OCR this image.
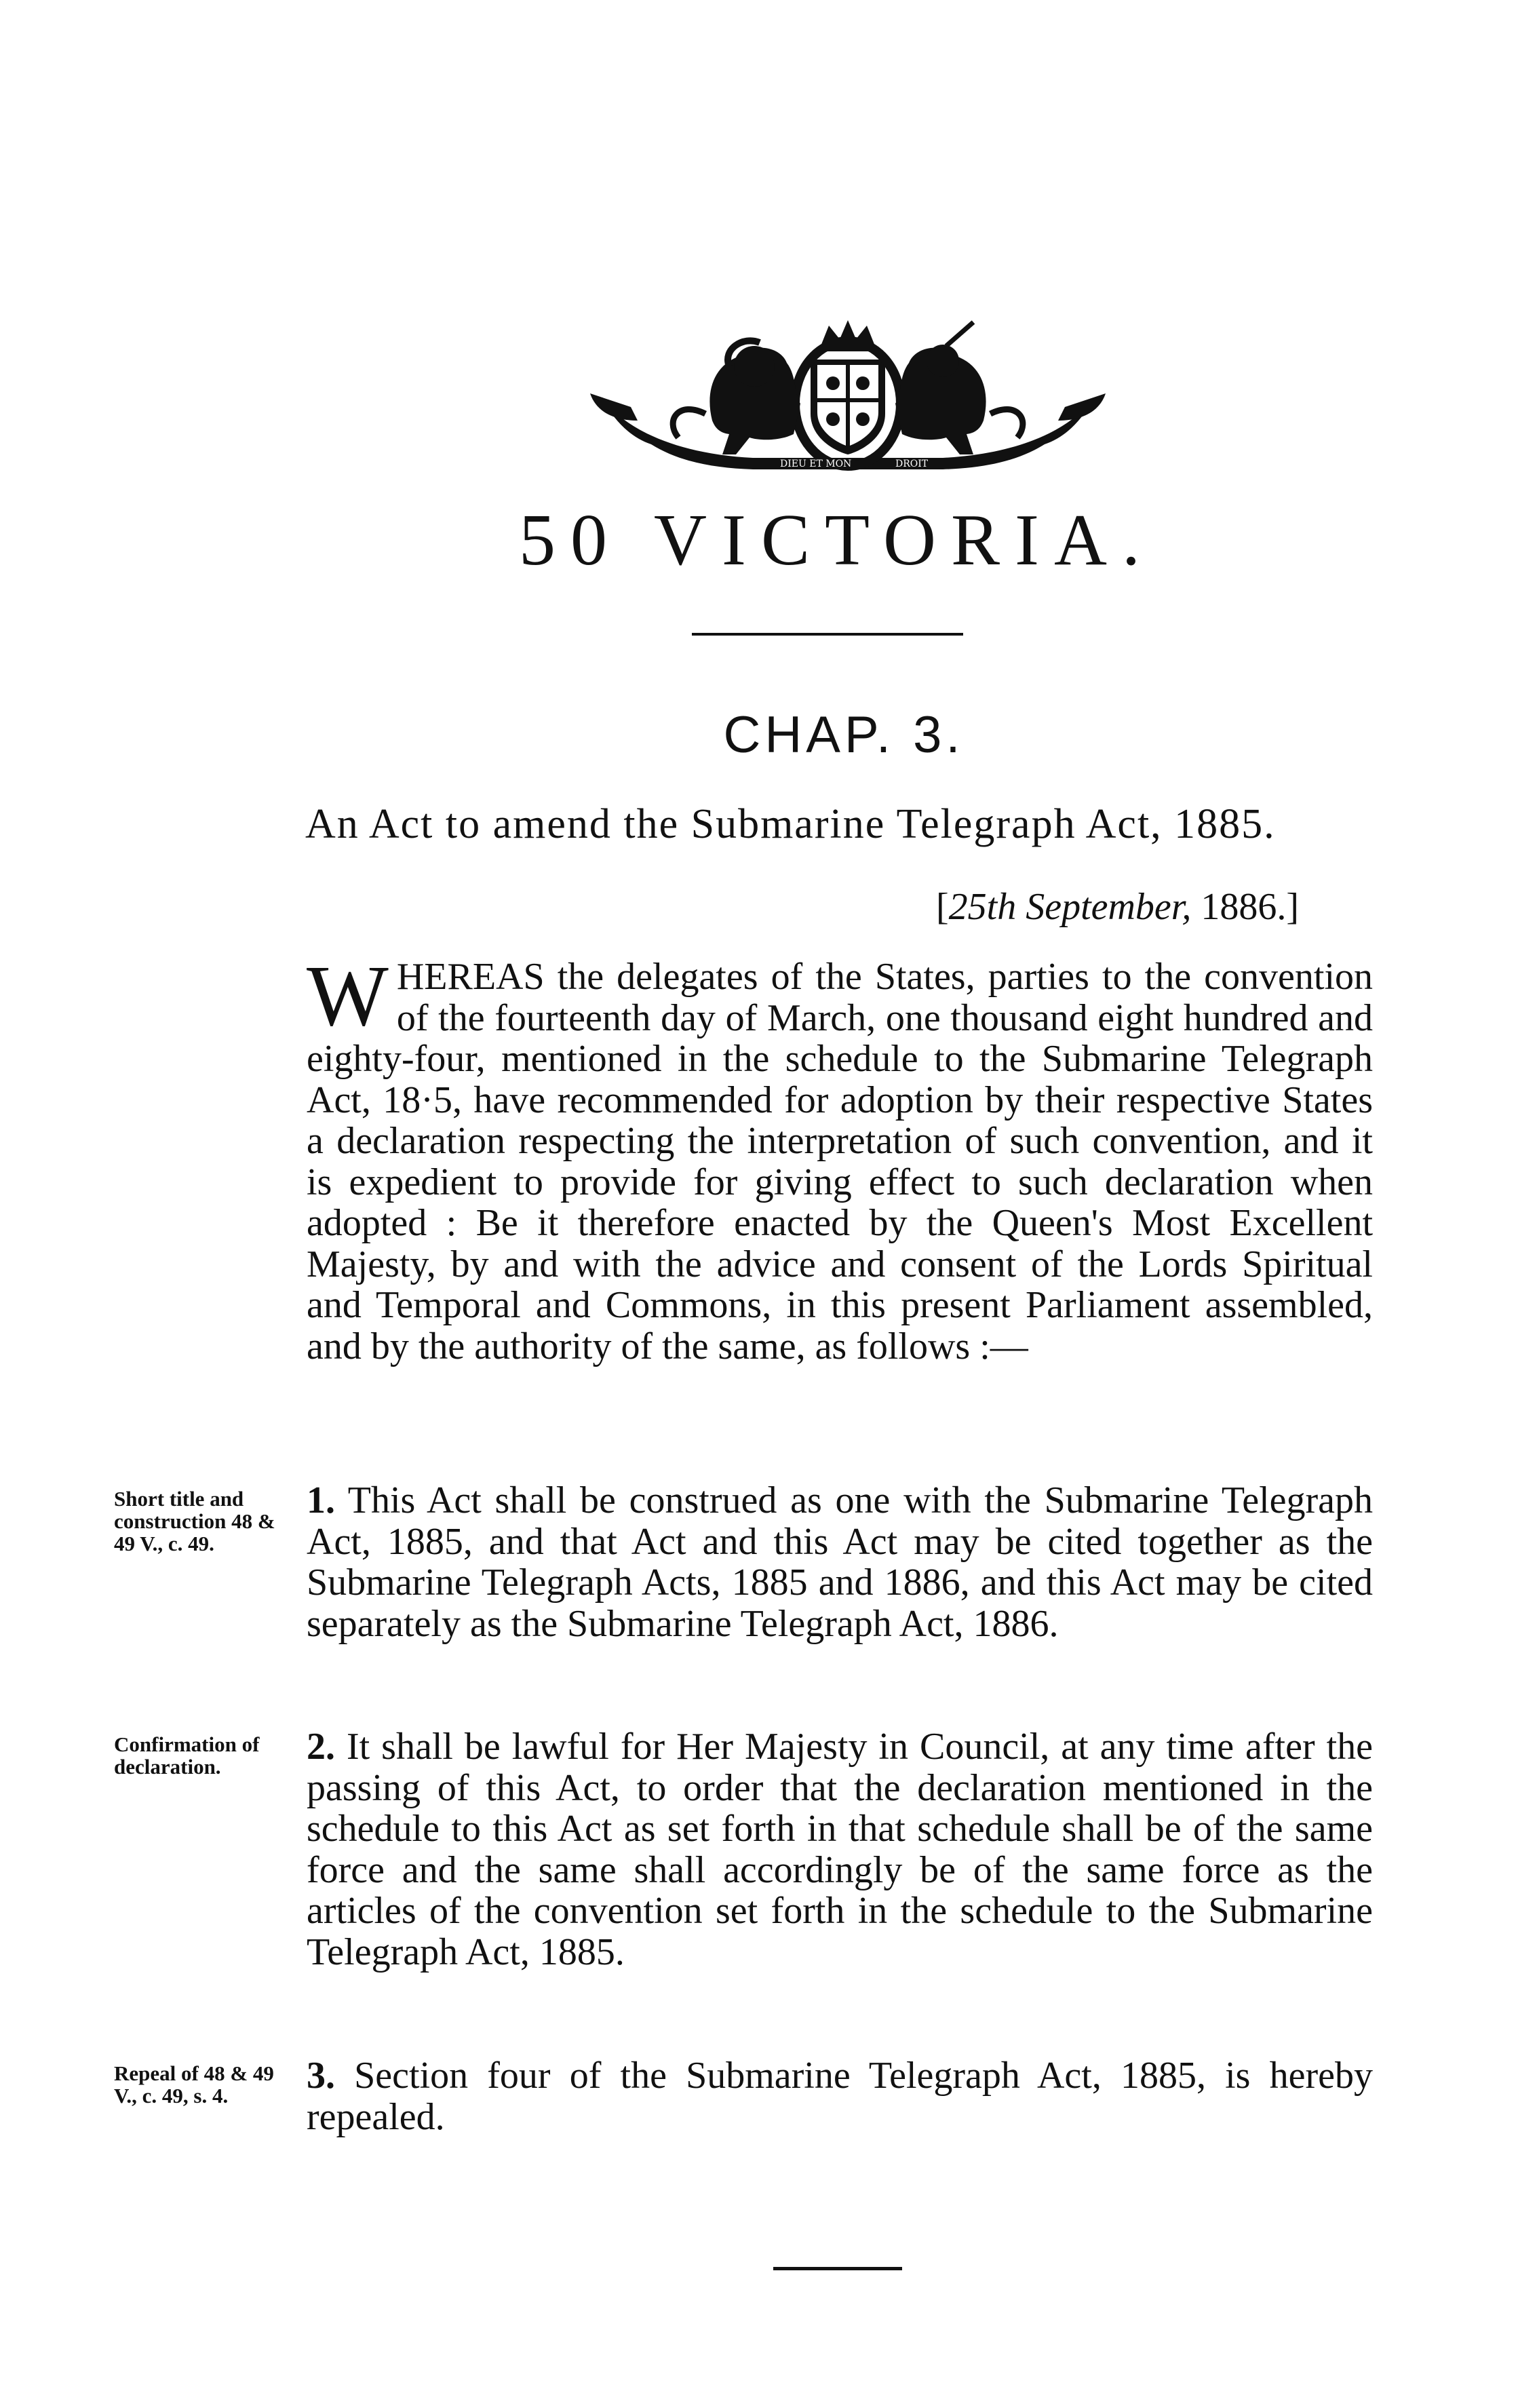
DIEU ET MON	DROIT
50 VICTORIA.
CHAP. 3.
An Act to amend the Submarine Telegraph Act, 1885.
[25th September, 1886.]
WHEREAS the delegates of the States, parties to the convention of the fourteenth day of March, one thousand eight hundred and eighty-four, mentioned in the schedule to the Submarine Telegraph Act, 18·5, have recommended for adoption by their respective States a declaration respecting the interpretation of such convention, and it is expedient to provide for giving effect to such declaration when adopted : Be it therefore enacted by the Queen's Most Excellent Majesty, by and with the advice and consent of the Lords Spiritual and Temporal and Commons, in this present Parliament assembled, and by the authority of the same, as follows :—
Short title and construction 48 & 49 V., c. 49.
1. This Act shall be construed as one with the Submarine Telegraph Act, 1885, and that Act and this Act may be cited together as the Submarine Telegraph Acts, 1885 and 1886, and this Act may be cited separately as the Submarine Telegraph Act, 1886.
Confirmation of declaration.	2. It shall be lawful for Her Majesty in Council, at any time after the passing of this Act, to order that the declaration mentioned in the schedule to this Act as set forth in that schedule shall be of the same force and the same shall accordingly be of the same force as the articles of the convention set forth in the schedule to the Submarine Telegraph Act, 1885.
Repeal of 48 & 49 V., c. 49, s. 4.	3. Section four of the Submarine Telegraph Act, 1885, is hereby repealed.
